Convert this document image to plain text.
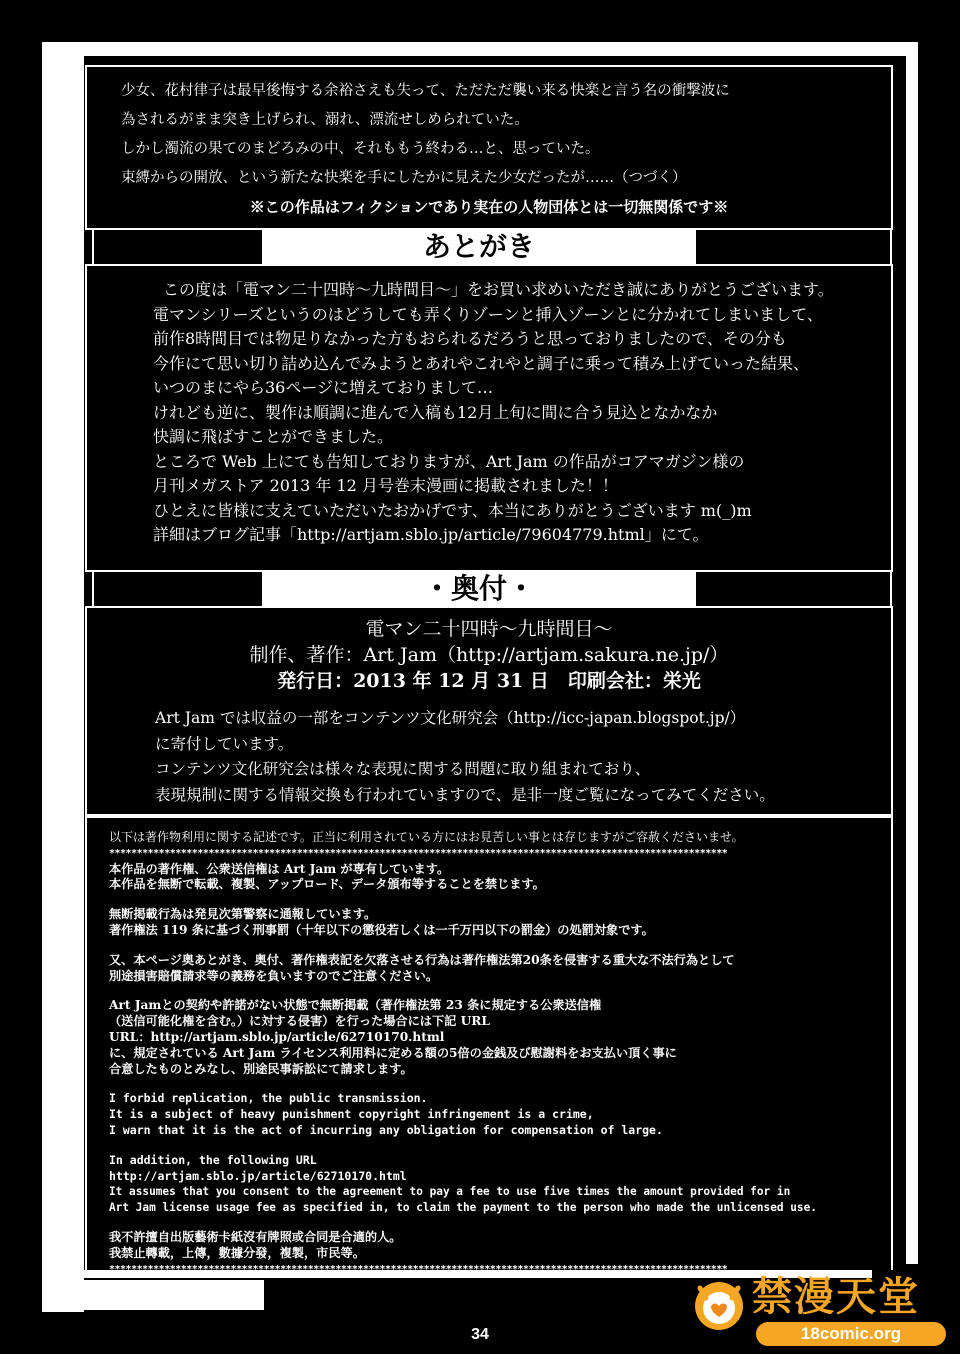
少女、花村律子は最早後悔する余裕さえも失って、ただただ襲い来る快楽と言う名の衝撃波に

為されるがまま突き上げられ、溺れ、漂流せしめられていた。

しかし濁流の果てのまどろみの中、それももう終わる…と、思っていた。

束縛からの開放、という新たな快楽を手にしたかに見えた少女だったが……（つづく）

※この作品はフィクションであり実在の人物団体とは一切無関係です※

あとがき

この度は「電マン二十四時～九時間目～」をお買い求めいただき誠にありがとうございます。

電マンシリーズというのはどうしても弄くりゾーンと挿入ゾーンとに分かれてしまいまして、

前作8時間目では物足りなかった方もおられるだろうと思っておりましたので、その分も

今作にて思い切り詰め込んでみようとあれやこれやと調子に乗って積み上げていった結果、

いつのまにやら36ページに増えておりまして…

けれども逆に、製作は順調に進んで入稿も12月上旬に間に合う見込となかなか

快調に飛ばすことができました。

ところで Web 上にても告知しておりますが、Art Jam の作品がコアマガジン様の

月刊メガストア 2013 年 12 月号巻末漫画に掲載されました！！

ひとえに皆様に支えていただいたおかげです、本当にありがとうございます m(_)m

詳細はブログ記事「http://artjam.sblo.jp/article/79604779.html」にて。

・奥付・

電マン二十四時～九時間目～

制作、著作：Art Jam（http://artjam.sakura.ne.jp/）

発行日：2013 年 12 月 31 日　印刷会社：栄光

Art Jam では収益の一部をコンテンツ文化研究会（http://icc-japan.blogspot.jp/）

に寄付しています。

コンテンツ文化研究会は様々な表現に関する問題に取り組まれており、

表現規制に関する情報交換も行われていますので、是非一度ご覧になってみてください。

以下は著作物利用に関する記述です。正当に利用されている方にはお見苦しい事とは存じますがご容赦くださいませ。

****************************************************************************************************************

本作品の著作権、公衆送信権は Art Jam が専有しています。

本作品を無断で転載、複製、アップロード、データ頒布等することを禁じます。

無断掲載行為は発見次第警察に通報しています。

著作権法 119 条に基づく刑事罰（十年以下の懲役若しくは一千万円以下の罰金）の処罰対象です。

又、本ページ奥あとがき、奥付、著作権表記を欠落させる行為は著作権法第20条を侵害する重大な不法行為として

別途損害賠償請求等の義務を負いますのでご注意ください。

Art Jamとの契約や許諾がない状態で無断掲載（著作権法第 23 条に規定する公衆送信権

（送信可能化権を含む。）に対する侵害）を行った場合には下記 URL

URL：http://artjam.sblo.jp/article/62710170.html

に、規定されている Art Jam ライセンス利用料に定める額の5倍の金銭及び慰謝料をお支払い頂く事に

合意したものとみなし、別途民事訴訟にて請求します。

I forbid replication, the public transmission.

It is a subject of heavy punishment copyright infringement is a crime,

I warn that it is the act of incurring any obligation for compensation of large.

In addition, the following URL

http://artjam.sblo.jp/article/62710170.html

It assumes that you consent to the agreement to pay a fee to use five times the amount provided for in

Art Jam license usage fee as specified in, to claim the payment to the person who made the unlicensed use.

我不許擅自出版藝術卡紙沒有牌照或合同是合適的人。

我禁止轉載，上傳，數據分發，複製，市民等。

****************************************************************************************************************

34
禁漫天堂
18comic.org
